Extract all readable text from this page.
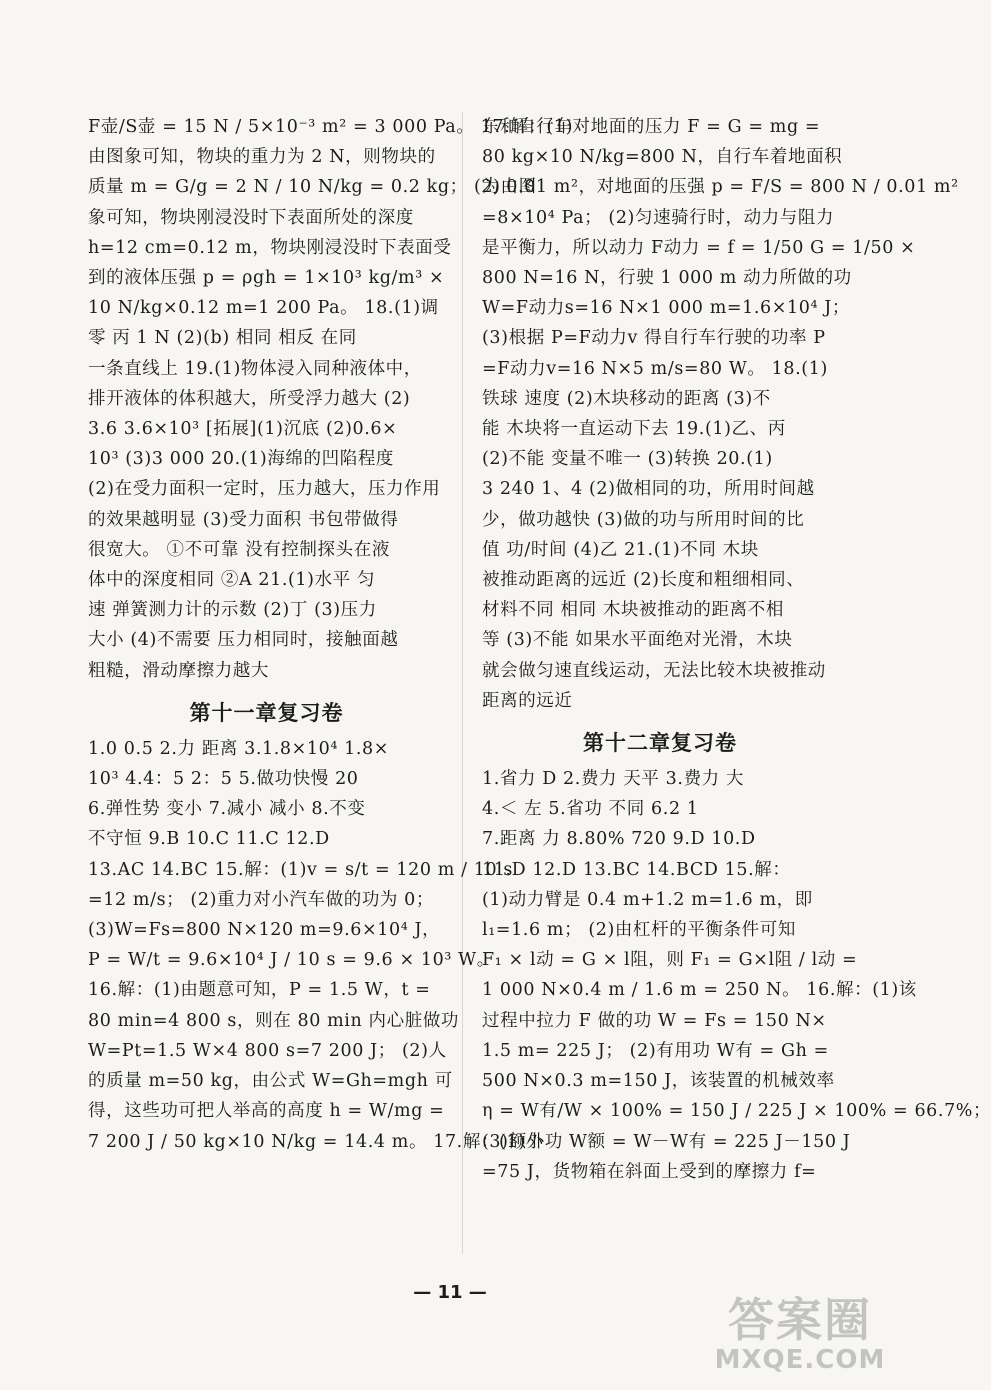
F壶/S壶 = 15 N / 5×10⁻³ m² = 3 000 Pa。 17.解：(1)
由图象可知，物块的重力为 2 N，则物块的
质量 m = G/g = 2 N / 10 N/kg = 0.2 kg； (2)由图
象可知，物块刚浸没时下表面所处的深度
h=12 cm=0.12 m，物块刚浸没时下表面受
到的液体压强 p = ρgh = 1×10³ kg/m³ ×
10 N/kg×0.12 m=1 200 Pa。 18.(1)调
零 丙 1 N (2)(b) 相同 相反 在同
一条直线上 19.(1)物体浸入同种液体中，
排开液体的体积越大，所受浮力越大 (2)
3.6 3.6×10³ [拓展](1)沉底 (2)0.6×
10³ (3)3 000 20.(1)海绵的凹陷程度
(2)在受力面积一定时，压力越大，压力作用
的效果越明显 (3)受力面积 书包带做得
很宽大。 ①不可靠 没有控制探头在液
体中的深度相同 ②A 21.(1)水平 匀
速 弹簧测力计的示数 (2)丁 (3)压力
大小 (4)不需要 压力相同时，接触面越
粗糙，滑动摩擦力越大
第十一章复习卷
1.0 0.5 2.力 距离 3.1.8×10⁴ 1.8×
10³ 4.4：5 2：5 5.做功快慢 20
6.弹性势 变小 7.减小 减小 8.不变
不守恒 9.B 10.C 11.C 12.D
13.AC 14.BC 15.解：(1)v = s/t = 120 m / 10 s
=12 m/s； (2)重力对小汽车做的功为 0；
(3)W=Fs=800 N×120 m=9.6×10⁴ J，
P = W/t = 9.6×10⁴ J / 10 s = 9.6 × 10³ W。
16.解：(1)由题意可知，P = 1.5 W，t =
80 min=4 800 s，则在 80 min 内心脏做功
W=Pt=1.5 W×4 800 s=7 200 J； (2)人
的质量 m=50 kg，由公式 W=Gh=mgh 可
得，这些功可把人举高的高度 h = W/mg =
7 200 J / 50 kg×10 N/kg = 14.4 m。 17.解：(1)小
东和自行车对地面的压力 F = G = mg =
80 kg×10 N/kg=800 N，自行车着地面积
为 0.01 m²，对地面的压强 p = F/S = 800 N / 0.01 m²
=8×10⁴ Pa； (2)匀速骑行时，动力与阻力
是平衡力，所以动力 F动力 = f = 1/50 G = 1/50 ×
800 N=16 N，行驶 1 000 m 动力所做的功
W=F动力s=16 N×1 000 m=1.6×10⁴ J；
(3)根据 P=F动力v 得自行车行驶的功率 P
=F动力v=16 N×5 m/s=80 W。 18.(1)
铁球 速度 (2)木块移动的距离 (3)不
能 木块将一直运动下去 19.(1)乙、丙
(2)不能 变量不唯一 (3)转换 20.(1)
3 240 1、4 (2)做相同的功，所用时间越
少，做功越快 (3)做的功与所用时间的比
值 功/时间 (4)乙 21.(1)不同 木块
被推动距离的远近 (2)长度和粗细相同、
材料不同 相同 木块被推动的距离不相
等 (3)不能 如果水平面绝对光滑，木块
就会做匀速直线运动，无法比较木块被推动
距离的远近
第十二章复习卷
1.省力 D 2.费力 天平 3.费力 大
4.＜ 左 5.省功 不同 6.2 1
7.距离 力 8.80% 720 9.D 10.D
11.D 12.D 13.BC 14.BCD 15.解：
(1)动力臂是 0.4 m+1.2 m=1.6 m，即
l₁=1.6 m； (2)由杠杆的平衡条件可知
F₁ × l动 = G × l阻，则 F₁ = G×l阻 / l动 =
1 000 N×0.4 m / 1.6 m = 250 N。 16.解：(1)该
过程中拉力 F 做的功 W = Fs = 150 N×
1.5 m= 225 J； (2)有用功 W有 = Gh =
500 N×0.3 m=150 J，该装置的机械效率
η = W有/W × 100% = 150 J / 225 J × 100% = 66.7%；
(3)额外功 W额 = W－W有 = 225 J－150 J
=75 J，货物箱在斜面上受到的摩擦力 f=
— 11 —
答案圈
MXQE.COM
